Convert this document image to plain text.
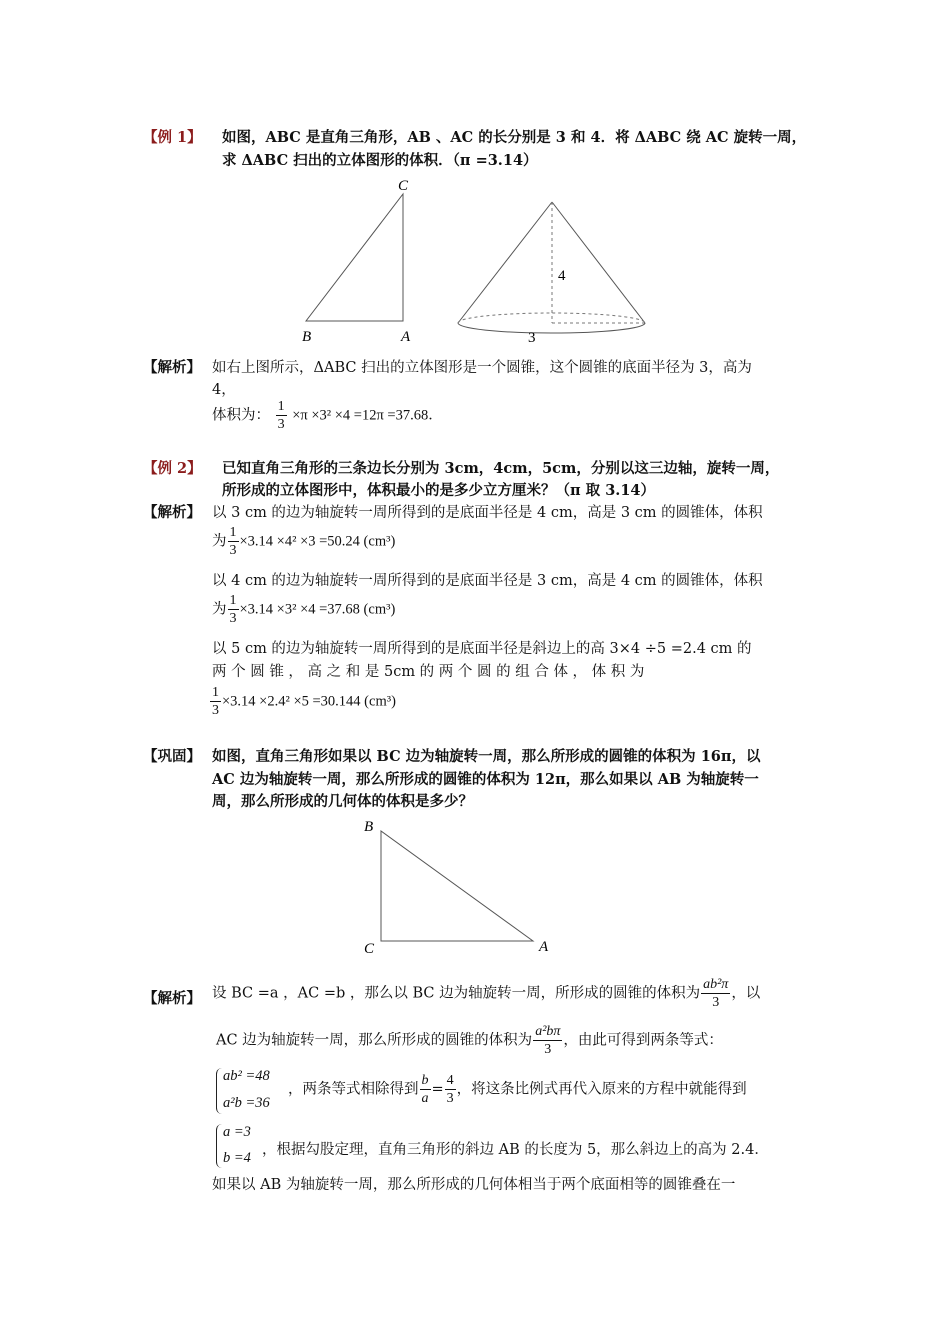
【例 1】 如图，ABC 是直角三角形，AB 、AC 的长分别是 3 和 4．将 ΔABC 绕 AC 旋转一周，
求 ΔABC 扫出的立体图形的体积．（π =3.14）
C
B	A
4
3
【解析】 如右上图所示，ΔABC 扫出的立体图形是一个圆锥，这个圆锥的底面半径为 3，高为
4，
体积为： $\frac{1}{3} \times\pi \times 3^2 \times 4 =12\pi =37.68$．
【例 2】 已知直角三角形的三条边长分别为 3cm，4cm，5cm，分别以这三边轴，旋转一周，
所形成的立体图形中，体积最小的是多少立方厘米？（π 取 3.14）
【解析】 以 3 cm 的边为轴旋转一周所得到的是底面半径是 4 cm，高是 3 cm 的圆锥体，体积
为 $\frac{1}{3} \times 3.14 \times 4^2 \times 3 =50.24$ (cm³)
以 4 cm 的边为轴旋转一周所得到的是底面半径是 3 cm，高是 4 cm 的圆锥体，体积
为 $\frac{1}{3} \times 3.14 \times 3^2 \times 4 =37.68$ (cm³)
以 5 cm 的边为轴旋转一周所得到的是底面半径是斜边上的高 3×4 ÷5 =2.4 cm 的
两 个 圆 锥 ， 高 之 和 是 5cm 的 两 个 圆 的 组 合 体 ， 体 积 为
$\frac{1}{3} \times 3.14 \times 2.4^2 \times 5 =30.144$ (cm³)
【巩固】 如图，直角三角形如果以 BC 边为轴旋转一周，那么所形成的圆锥的体积为 16π，以
AC 边为轴旋转一周，那么所形成的圆锥的体积为 12π，那么如果以 AB 为轴旋转一
周，那么所形成的几何体的体积是多少？
B
C	A
【解析】 设 BC =a ，AC =b ，那么以 BC 边为轴旋转一周，所形成的圆锥的体积为 $\frac{\text{ab²π}}{3}$ ，以
AC 边为轴旋转一周，那么所形成的圆锥的体积为 $\frac{\text{a²bπ}}{3}$ ，由此可得到两条等式：
ab² =48
a²b =36
，两条等式相除得到 $\frac{b}{a} = \frac{4}{3}$ ，将这条比例式再代入原来的方程中就能得到
a =3
b =4 ，根据勾股定理，直角三角形的斜边 AB 的长度为 5，那么斜边上的高为 2.4．
如果以 AB 为轴旋转一周，那么所形成的几何体相当于两个底面相等的圆锥叠在一
